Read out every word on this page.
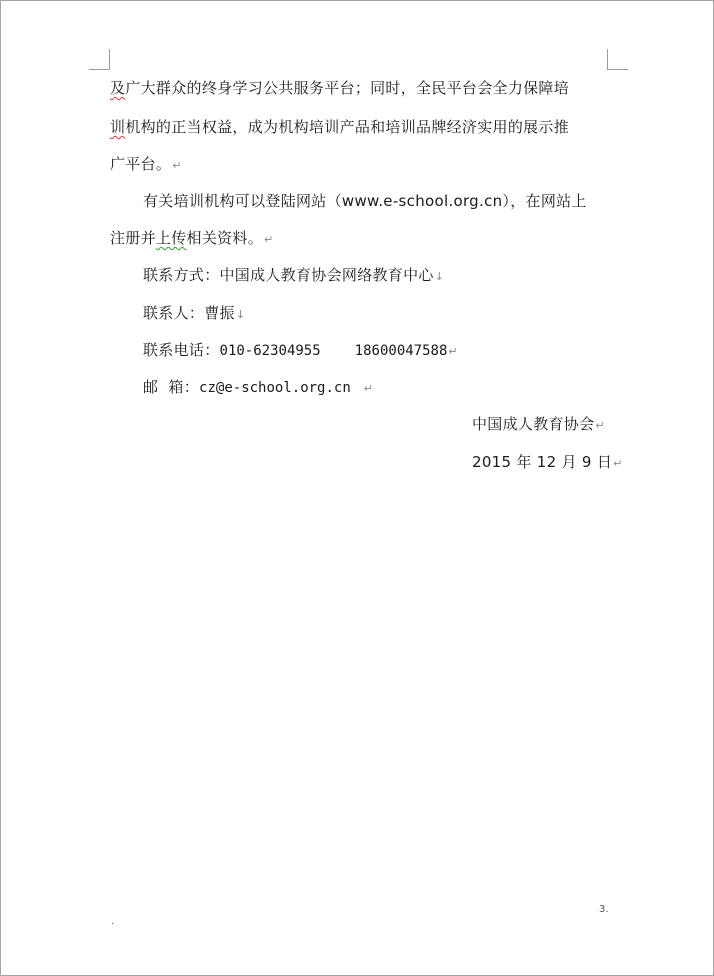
及广大群众的终身学习公共服务平台；同时，全民平台会全力保障培
训机构的正当权益，成为机构培训产品和培训品牌经济实用的展示推
广平台。↵
有关培训机构可以登陆网站（www.e-school.org.cn），在网站上
注册并上传相关资料。↵
联系方式：中国成人教育协会网络教育中心↓
联系人：曹振↓
联系电话：010-62304955 18600047588↵
邮  箱：cz@e-school.org.cn ↵
中国成人教育协会↵
2015 年 12 月 9 日↵
3.
.
